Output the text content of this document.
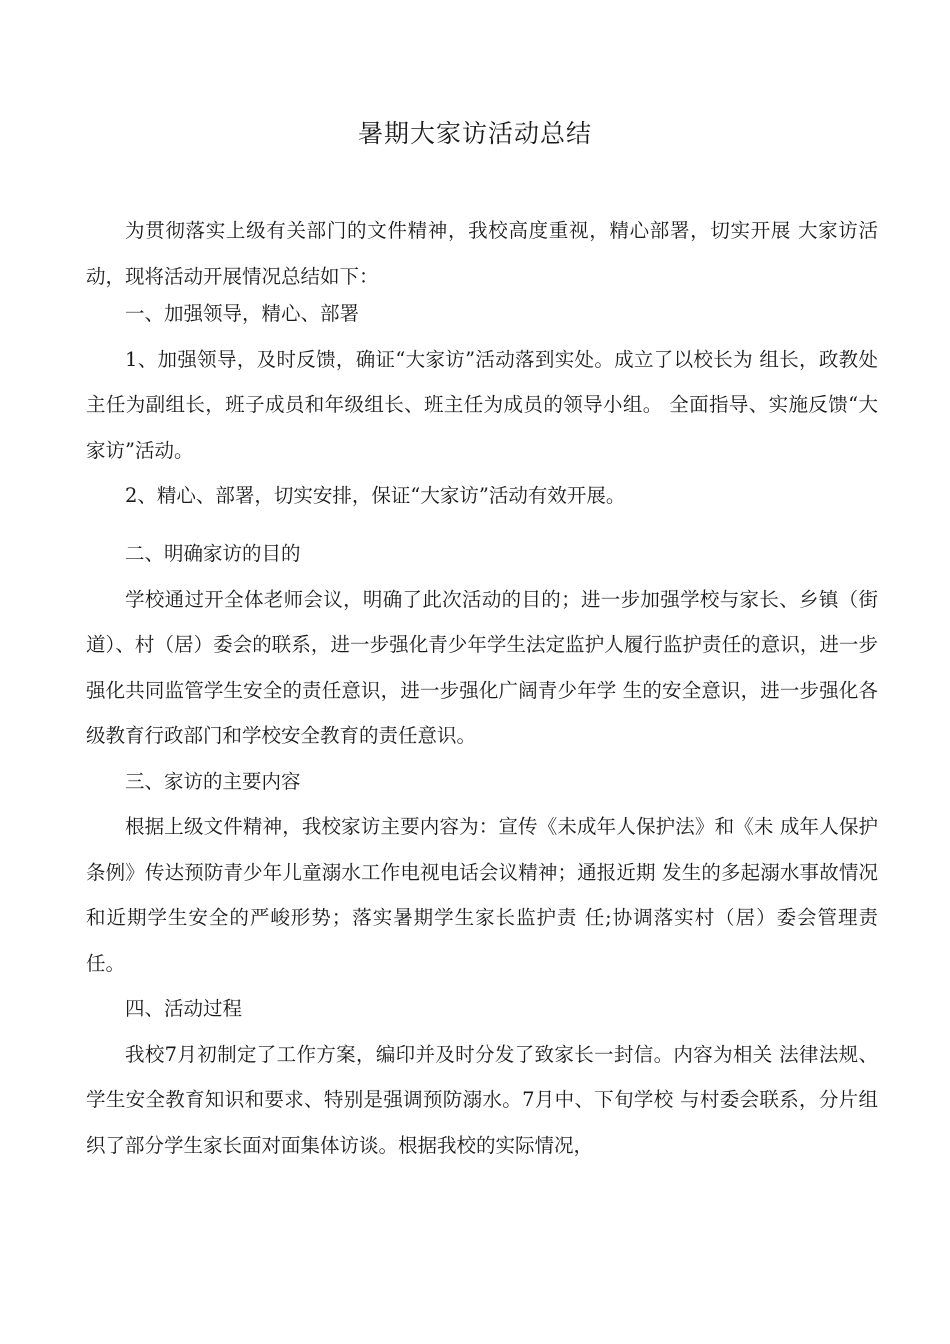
暑期大家访活动总结

为贯彻落实上级有关部门的文件精神，我校高度重视，精心部署，切实开展 大家访活动，现将活动开展情况总结如下：

一、加强领导，精心、部署

1、加强领导，及时反馈，确证“大家访”活动落到实处。成立了以校长为 组长，政教处主任为副组长，班子成员和年级组长、班主任为成员的领导小组。 全面指导、实施反馈“大家访”活动。

2、精心、部署，切实安排，保证“大家访”活动有效开展。

二、明确家访的目的

学校通过开全体老师会议，明确了此次活动的目的；进一步加强学校与家长、乡镇（街道）、村（居）委会的联系，进一步强化青少年学生法定监护人履行监护责任的意识，进一步强化共同监管学生安全的责任意识，进一步强化广阔青少年学 生的安全意识，进一步强化各级教育行政部门和学校安全教育的责任意识。

三、家访的主要内容

根据上级文件精神，我校家访主要内容为：宣传《未成年人保护法》和《未 成年人保护条例》传达预防青少年儿童溺水工作电视电话会议精神；通报近期 发生的多起溺水事故情况和近期学生安全的严峻形势；落实暑期学生家长监护责 任;协调落实村（居）委会管理责任。

四、活动过程

我校7月初制定了工作方案，编印并及时分发了致家长一封信。内容为相关 法律法规、学生安全教育知识和要求、特别是强调预防溺水。7月中、下旬学校 与村委会联系，分片组织了部分学生家长面对面集体访谈。根据我校的实际情况，
